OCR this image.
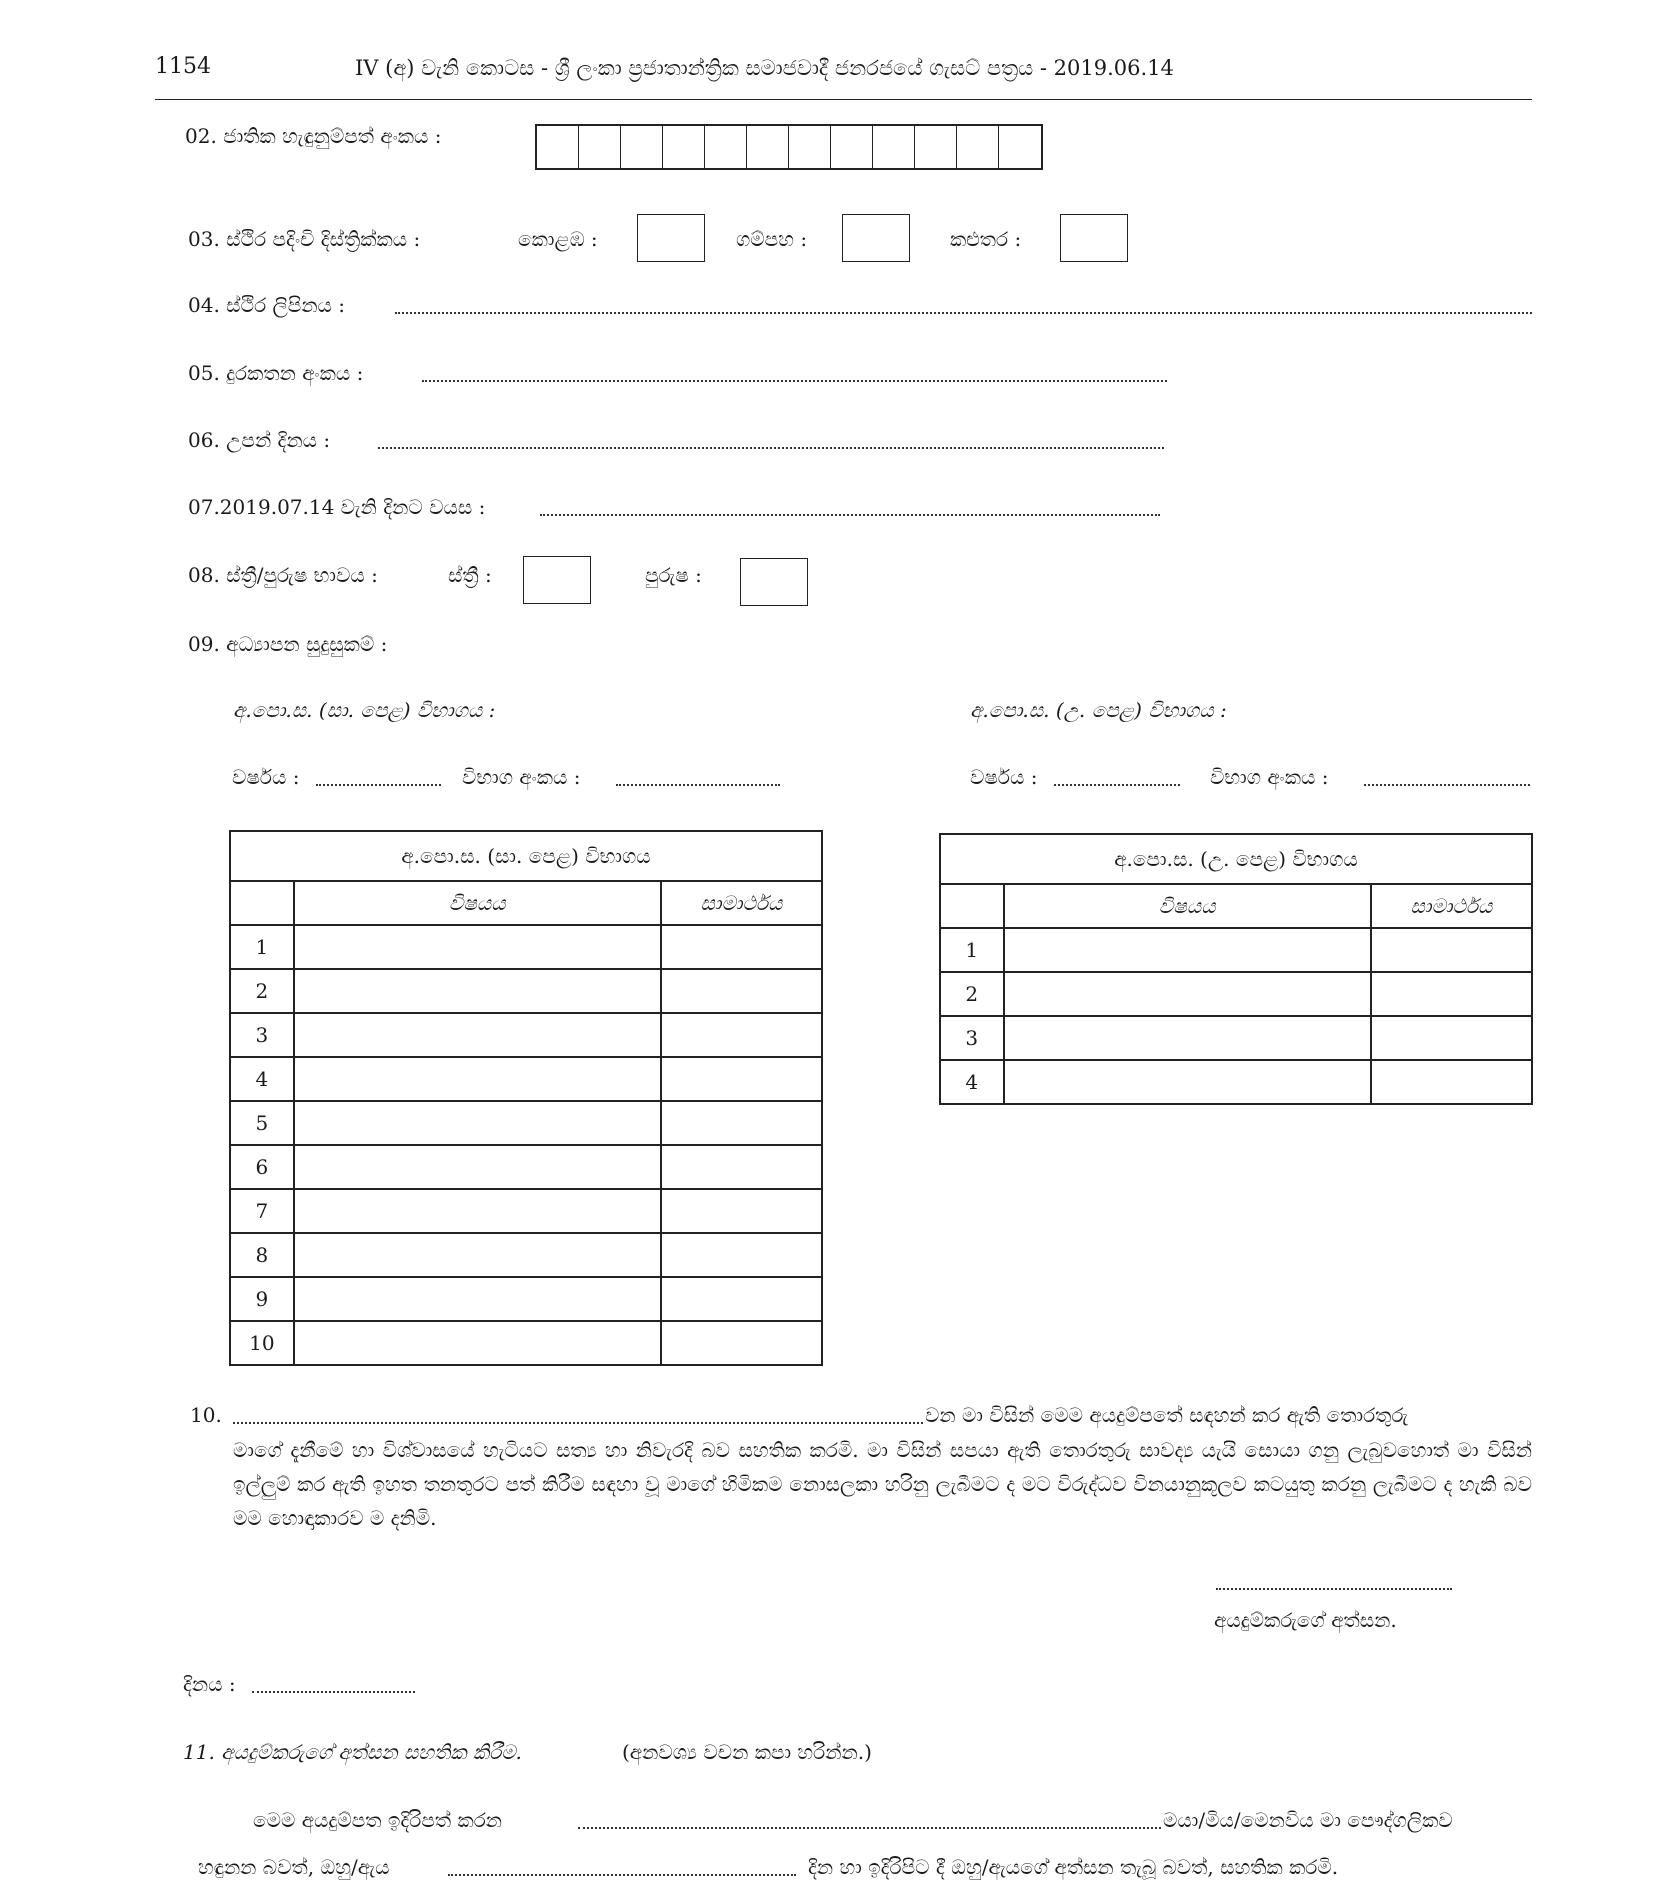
1154	IV (අ) වැනි කොටස - ශ්‍රී ලංකා ප්‍රජාතාන්ත්‍රික සමාජවාදී ජනරජයේ ගැසට් පත්‍රය - 2019.06.14
02. ජාතික හැඳුනුම්පත් අංකය :
03. ස්ථිර පදිංචි දිස්ත්‍රික්කය :	කොළඹ :	ගම්පහ :	කළුතර :
04. ස්ථිර ලිපිනය :
05. දුරකතන අංකය :
06. උපන් දිනය :
07.2019.07.14 වැනි දිනට වයස :
08. ස්ත්‍රී/පුරුෂ භාවය :	ස්ත්‍රී :	පුරුෂ :
09. අධ්‍යාපන සුදුසුකම් :
අ.පො.ස. (සා. පෙළ) විභාගය :	අ.පො.ස. (උ. පෙළ) විභාගය :
වර්ෂය :	විභාග අංකය :	වර්ෂය :	විභාග අංකය :
අ.පො.ස. (සා. පෙළ) විභාගය		
	විෂයය	සාමාර්ථය
1		
2		
3		
4		
5		
6		
7		
8		
9		
10		
අ.පො.ස. (උ. පෙළ) විභාගය		
	විෂයය	සාමාර්ථය
1		
2		
3		
4		
10.	වන මා විසින් මෙම අයදුම්පතේ සඳහන් කර ඇති තොරතුරු
මාගේ දැනීමේ හා විශ්වාසයේ හැටියට සත්‍ය හා නිවැරදි බව සහතික කරමි. මා විසින් සපයා ඇති තොරතුරු සාවද්‍ය යැයි සොයා ගනු ලැබුවහොත් මා විසින් ඉල්ලුම් කර ඇති ඉහත තනතුරට පත් කිරීම සඳහා වූ මාගේ හිමිකම නොසලකා හරිනු ලැබීමට ද මට විරුද්ධව විනයානුකූලව කටයුතු කරනු ලැබීමට ද හැකි බව මම හොඳාකාරව ම දනිමි.
අයදුම්කරුගේ අත්සන.
දිනය :
11. අයදුම්කරුගේ අත්සන සහතික කිරීම.	(අනවශ්‍ය වචන කපා හරින්න.)
මෙම අයදුම්පත ඉදිරිපත් කරන	මයා/මිය/මෙනවිය මා පෞද්ගලිකව
හඳුනන බවත්, ඔහු/ඇය	දින හා ඉදිරිපිට දී ඔහු/ඇයගේ අත්සන තැබූ බවත්, සහතික කරමි.
